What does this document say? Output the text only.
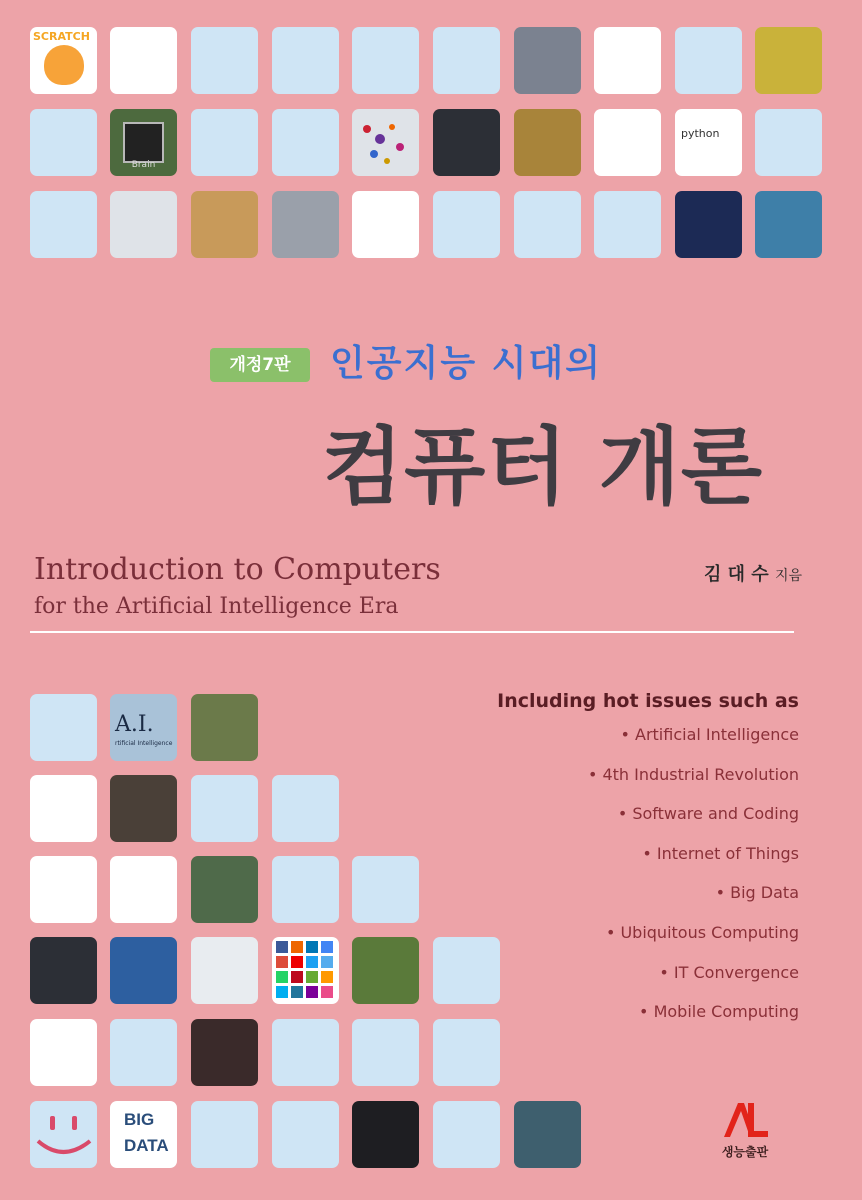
SCRATCH
Brain
python
개정7판	인공지능 시대의
컴퓨터 개론
Introduction to Computers
for the Artificial Intelligence Era
김 대 수 지음
A.I.
rtificial Intelligence
BIG
DATA
Including hot issues such as
• Artificial Intelligence
• 4th Industrial Revolution
• Software and Coding
• Internet of Things
• Big Data
• Ubiquitous Computing
• IT Convergence
• Mobile Computing
생능출판
